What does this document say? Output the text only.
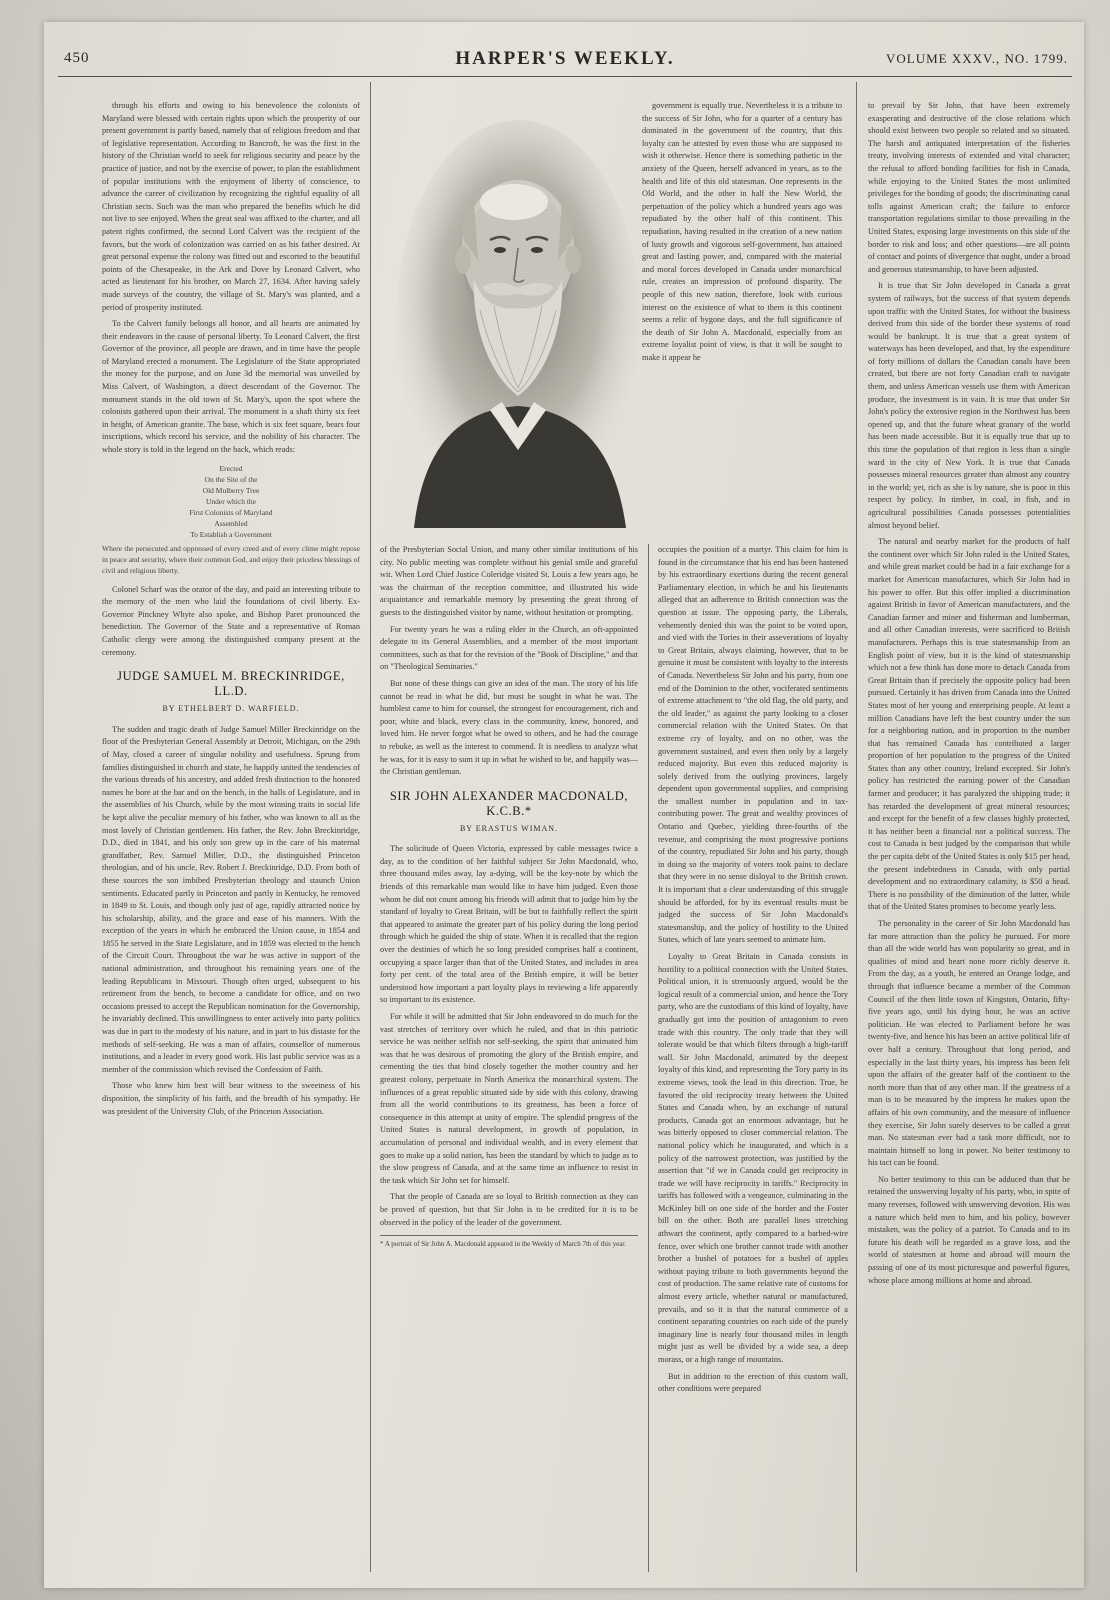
450	HARPER'S WEEKLY.	VOLUME XXXV., NO. 1799.

through his efforts and owing to his benevolence the colonists of Maryland were blessed with certain rights upon which the prosperity of our present government is partly based, namely that of religious freedom and that of legislative representation. According to Bancroft, he was the first in the history of the Christian world to seek for religious security and peace by the practice of justice, and not by the exercise of power, to plan the establishment of popular institutions with the enjoyment of liberty of conscience, to advance the career of civilization by recognizing the rightful equality of all Christian sects. Such was the man who prepared the benefits which he did not live to see enjoyed. When the great seal was affixed to the charter, and all patent rights confirmed, the second Lord Calvert was the recipient of the favors, but the work of colonization was carried on as his father desired. At great personal expense the colony was fitted out and escorted to the beautiful points of the Chesapeake, in the Ark and Dove by Leonard Calvert, who acted as lieutenant for his brother, on March 27, 1634. After having safely made surveys of the country, the village of St. Mary's was planted, and a period of prosperity instituted.

To the Calvert family belongs all honor, and all hearts are animated by their endeavors in the cause of personal liberty. To Leonard Calvert, the first Governor of the province, all people are drawn, and in time have the people of Maryland erected a monument. The Legislature of the State appropriated the money for the purpose, and on June 3d the memorial was unveiled by Miss Calvert, of Washington, a direct descendant of the Governor. The monument stands in the old town of St. Mary's, upon the spot where the colonists gathered upon their arrival. The monument is a shaft thirty six feet in height, of American granite. The base, which is six feet square, bears four inscriptions, which record his service, and the nobility of his character. The whole story is told in the legend on the back, which reads:

Erected
On the Site of the
Old Mulberry Tree
Under which the
First Colonists of Maryland
Assembled
To Establish a Government
Where the persecuted and oppressed of every creed and of every clime might repose in peace and security, where their common God, and enjoy their priceless blessings of civil and religious liberty.

Colonel Scharf was the orator of the day, and paid an interesting tribute to the memory of the men who laid the foundations of civil liberty. Ex-Governor Pinckney Whyte also spoke, and Bishop Paret pronounced the benediction. The Governor of the State and a representative of Roman Catholic clergy were among the distinguished company present at the ceremony.

JUDGE SAMUEL M. BRECKINRIDGE, LL.D.
BY ETHELBERT D. WARFIELD.

The sudden and tragic death of Judge Samuel Miller Breckinridge on the floor of the Presbyterian General Assembly at Detroit, Michigan, on the 29th of May, closed a career of singular nobility and usefulness. Sprung from families distinguished in church and state, he happily united the tendencies of the various threads of his ancestry, and added fresh distinction to the honored names he bore at the bar and on the bench, in the halls of Legislature, and in the assemblies of his Church, while by the most winning traits in social life he kept alive the peculiar memory of his father, who was known to all as the most lovely of Christian gentlemen. His father, the Rev. John Breckinridge, D.D., died in 1841, and his only son grew up in the care of his maternal grandfather, Rev. Samuel Miller, D.D., the distinguished Princeton theologian, and of his uncle, Rev. Robert J. Breckinridge, D.D. From both of these sources the son imbibed Presbyterian theology and staunch Union sentiments. Educated partly in Princeton and partly in Kentucky, he removed in 1849 to St. Louis, and though only just of age, rapidly attracted notice by his scholarship, ability, and the grace and ease of his manners. With the exception of the years in which he embraced the Union cause, in 1854 and 1855 he served in the State Legislature, and in 1859 was elected to the bench of the Circuit Court. Throughout the war he was active in support of the national administration, and throughout his remaining years one of the leading Republicans in Missouri. Though often urged, subsequent to his retirement from the bench, to become a candidate for office, and on two occasions pressed to accept the Republican nomination for the Governorship, he invariably declined. This unwillingness to enter actively into party politics was due in part to the modesty of his nature, and in part to his distaste for the methods of self-seeking. He was a man of affairs, counsellor of numerous institutions, and a leader in every good work. His last public service was as a member of the commission which revised the Confession of Faith.

Those who knew him best will bear witness to the sweetness of his disposition, the simplicity of his faith, and the breadth of his sympathy. He was president of the University Club, of the Princeton Association.

JUDGE SAMUEL M. BRECKINRIDGE, LL.D.

government is equally true. Nevertheless it is a tribute to the success of Sir John, who for a quarter of a century has dominated in the government of the country, that this loyalty can be attested by even those who are supposed to wish it otherwise. Hence there is something pathetic in the anxiety of the Queen, herself advanced in years, as to the health and life of this old statesman. One represents in the Old World, and the other in half the New World, the perpetuation of the policy which a hundred years ago was repudiated by the other half of this continent. This repudiation, having resulted in the creation of a new nation of lusty growth and vigorous self-government, has attained great and lasting power, and, compared with the material and moral forces developed in Canada under monarchical rule, creates an impression of profound disparity. The people of this new nation, therefore, look with curious interest on the existence of what to them is this continent seems a relic of bygone days, and the full significance of the death of Sir John A. Macdonald, especially from an extreme loyalist point of view, is that it will be sought to make it appear he

of the Presbyterian Social Union, and many other similar institutions of his city. No public meeting was complete without his genial smile and graceful wit. When Lord Chief Justice Coleridge visited St. Louis a few years ago, he was the chairman of the reception committee, and illustrated his wide acquaintance and remarkable memory by presenting the great throng of guests to the distinguished visitor by name, without hesitation or prompting.

For twenty years he was a ruling elder in the Church, an oft-appointed delegate to its General Assemblies, and a member of the most important committees, such as that for the revision of the "Book of Discipline," and that on "Theological Seminaries."

But none of these things can give an idea of the man. The story of his life cannot be read in what he did, but must be sought in what he was. The humblest came to him for counsel, the strongest for encouragement, rich and poor, white and black, every class in the community, knew, honored, and loved him. He never forgot what he owed to others, and he had the courage to rebuke, as well as the interest to commend. It is needless to analyze what he was, for it is easy to sum it up in what he wished to be, and happily was—the Christian gentleman.

SIR JOHN ALEXANDER MACDONALD, K.C.B.*
BY ERASTUS WIMAN.

The solicitude of Queen Victoria, expressed by cable messages twice a day, as to the condition of her faithful subject Sir John Macdonald, who, three thousand miles away, lay a-dying, will be the key-note by which the friends of this remarkable man would like to have him judged. Even those whom he did not count among his friends will admit that to judge him by the standard of loyalty to Great Britain, will be but to faithfully reflect the spirit that appeared to animate the greater part of his policy during the long period through which he guided the ship of state. When it is recalled that the region over the destinies of which he so long presided comprises half a continent, occupying a space larger than that of the United States, and includes in area forty per cent. of the total area of the British empire, it will be better understood how important a part loyalty plays in reviewing a life apparently so important to its existence.

For while it will be admitted that Sir John endeavored to do much for the vast stretches of territory over which he ruled, and that in this patriotic service he was neither selfish nor self-seeking, the spirit that animated him was that he was desirous of promoting the glory of the British empire, and cementing the ties that bind closely together the mother country and her greatest colony, perpetuate in North America the monarchical system. The influences of a great republic situated side by side with this colony, drawing from all the world contributions to its greatness, has been a force of consequence in this attempt at unity of empire. The splendid progress of the United States is natural development, in growth of population, in accumulation of personal and individual wealth, and in every element that goes to make up a solid nation, has been the standard by which to judge as to the slow progress of Canada, and at the same time an influence to resist in the task which Sir John set for himself.

That the people of Canada are so loyal to British connection as they can be proved of question, but that Sir John is to be credited for it is to be observed in the policy of the leader of the government.

* A portrait of Sir John A. Macdonald appeared in the Weekly of March 7th of this year.

occupies the position of a martyr. This claim for him is found in the circumstance that his end has been hastened by his extraordinary exertions during the recent general Parliamentary election, in which he and his lieutenants alleged that an adherence to British connection was the question at issue. The opposing party, the Liberals, vehemently denied this was the point to be voted upon, and vied with the Tories in their asseverations of loyalty to Great Britain, always claiming, however, that to be genuine it must be consistent with loyalty to the interests of Canada. Nevertheless Sir John and his party, from one end of the Dominion to the other, vociferated sentiments of extreme attachment to "the old flag, the old party, and the old leader," as against the party looking to a closer commercial relation with the United States. On that extreme cry of loyalty, and on no other, was the government sustained, and even then only by a largely reduced majority. But even this reduced majority is solely derived from the outlying provinces, largely dependent upon governmental supplies, and comprising the smallest number in population and in tax-contributing power. The great and wealthy provinces of Ontario and Quebec, yielding three-fourths of the revenue, and comprising the most progressive portions of the country, repudiated Sir John and his party, though in doing so the majority of voters took pains to declare that they were in no sense disloyal to the British crown. It is important that a clear understanding of this struggle should be afforded, for by its eventual results must be judged the success of Sir John Macdonald's statesmanship, and the policy of hostility to the United States, which of late years seemed to animate him.

Loyalty to Great Britain in Canada consists in hostility to a political connection with the United States. Political union, it is strenuously argued, would be the logical result of a commercial union, and hence the Tory party, who are the custodians of this kind of loyalty, have gradually got into the position of antagonism to even trade with this country. The only trade that they will tolerate would be that which filters through a high-tariff wall. Sir John Macdonald, animated by the deepest loyalty of this kind, and representing the Tory party in its extreme views, took the lead in this direction. True, he favored the old reciprocity treaty between the United States and Canada when, by an exchange of natural products, Canada got an enormous advantage, but he was bitterly opposed to closer commercial relation. The national policy which he inaugurated, and which is a policy of the narrowest protection, was justified by the assertion that "if we in Canada could get reciprocity in trade we will have reciprocity in tariffs." Reciprocity in tariffs has followed with a vengeance, culminating in the McKinley bill on one side of the border and the Foster bill on the other. Both are parallel lines stretching athwart the continent, aptly compared to a barbed-wire fence, over which one brother cannot trade with another brother a bushel of potatoes for a bushel of apples without paying tribute to both governments beyond the cost of production. The same relative rate of customs for almost every article, whether natural or manufactured, prevails, and so it is that the natural commerce of a continent separating countries on each side of the purely imaginary line is nearly four thousand miles in length might just as well be divided by a wide sea, a deep morass, or a high range of mountains.

But in addition to the erection of this custom wall, other conditions were prepared

to prevail by Sir John, that have been extremely exasperating and destructive of the close relations which should exist between two people so related and so situated. The harsh and antiquated interpretation of the fisheries treaty, involving interests of extended and vital character; the refusal to afford bonding facilities for fish in Canada, while enjoying to the United States the most unlimited privileges for the bonding of goods; the discriminating canal tolls against American craft; the failure to enforce transportation regulations similar to those prevailing in the United States, exposing large investments on this side of the border to risk and loss; and other questions—are all points of contact and points of divergence that ought, under a broad and generous statesmanship, to have been adjusted.

It is true that Sir John developed in Canada a great system of railways, but the success of that system depends upon traffic with the United States, for without the business derived from this side of the border these systems of road would be bankrupt. It is true that a great system of waterways has been developed, and that, by the expenditure of forty millions of dollars the Canadian canals have been created, but there are not forty Canadian craft to navigate them, and unless American vessels use them with American produce, the investment is in vain. It is true that under Sir John's policy the extensive region in the Northwest has been opened up, and that the future wheat granary of the world has been made accessible. But it is equally true that up to this time the population of that region is less than a single ward in the city of New York. It is true that Canada possesses mineral resources greater than almost any country in the world; yet, rich as she is by nature, she is poor in this respect by policy. In timber, in coal, in fish, and in agricultural possibilities Canada possesses potentialities almost beyond belief.

The natural and nearby market for the products of half the continent over which Sir John ruled is the United States, and while great market could be had in a fair exchange for a market for American manufactures, which Sir John had in his power to offer. But this offer implied a discrimination against British in favor of American manufacturers, and the Canadian farmer and miner and fisherman and lumberman, and all other Canadian interests, were sacrificed to British manufacturers. Perhaps this is true statesmanship from an English point of view, but it is the kind of statesmanship which not a few think has done more to detach Canada from Great Britain than if precisely the opposite policy had been pursued. Certainly it has driven from Canada into the United States most of her young and enterprising people. At least a million Canadians have left the best country under the sun for a neighboring nation, and in proportion to the number that has remained Canada has contributed a larger proportion of her population to the progress of the United States than any other country, Ireland excepted. Sir John's policy has restricted the earning power of the Canadian farmer and producer; it has paralyzed the shipping trade; it has retarded the development of great mineral resources; and except for the benefit of a few classes highly protected, it has neither been a financial nor a political success. The cost to Canada is best judged by the comparison that while the per capita debt of the United States is only $15 per head, the present indebtedness in Canada, with only partial development and no extraordinary calamity, is $50 a head. There is no possibility of the diminution of the latter, while that of the United States promises to become yearly less.

The personality in the career of Sir John Macdonald has far more attraction than the policy he pursued. For more than all the wide world has won popularity so great, and in qualities of mind and heart none more richly deserve it. From the day, as a youth, he entered an Orange lodge, and through that influence became a member of the Common Council of the then little town of Kingston, Ontario, fifty-five years ago, until his dying hour, he was an active politician. He was elected to Parliament before he was twenty-five, and hence his has been an active political life of over half a century. Throughout that long period, and especially in the last thirty years, his impress has been felt upon the affairs of the greater half of the continent to the north more than that of any other man. If the greatness of a man is to be measured by the impress he makes upon the affairs of his own community, and the measure of influence they exercise, Sir John surely deserves to be called a great man. No statesman ever had a task more difficult, nor to maintain himself so long in power. No better testimony to his tact can be found.

No better testimony to this can be adduced than that he retained the unswerving loyalty of his party, who, in spite of many reverses, followed with unswerving devotion. His was a nature which held men to him, and his policy, however mistaken, was the policy of a patriot. To Canada and to its future his death will be regarded as a grave loss, and the world of statesmen at home and abroad will mourn the passing of one of its most picturesque and powerful figures, whose place among millions at home and abroad.
